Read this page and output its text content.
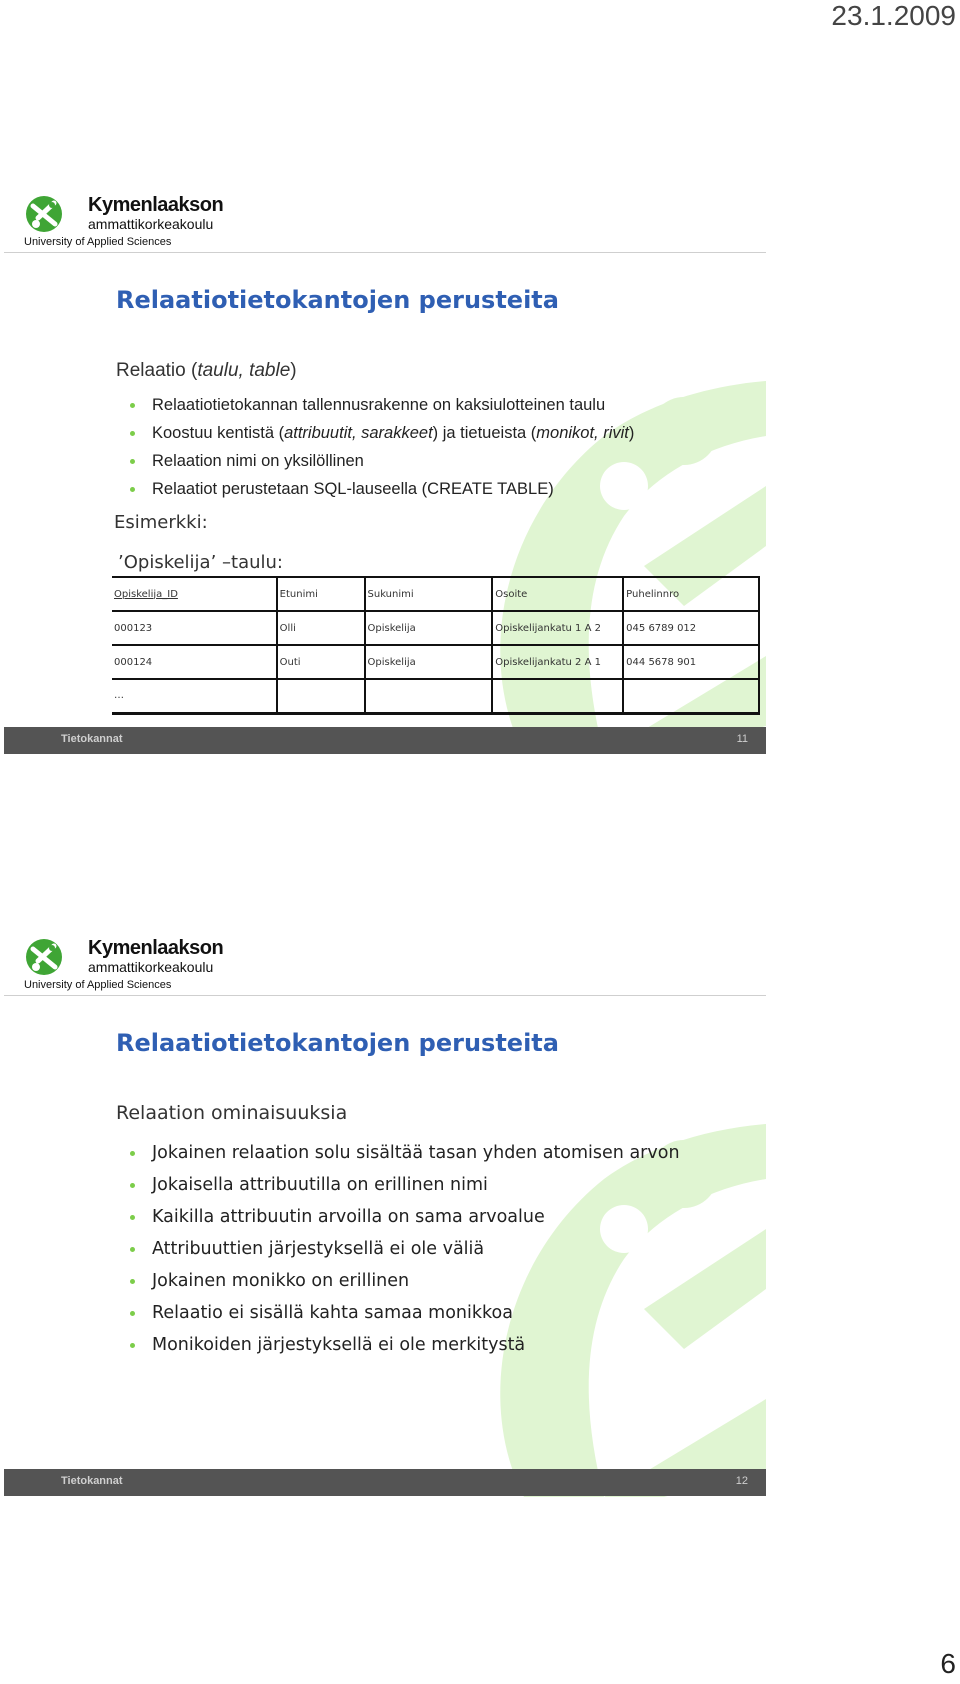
23.1.2009
Kymenlaakson
ammattikorkeakoulu
University of Applied Sciences
Relaatiotietokantojen perusteita
Relaatio (taulu, table)
Relaatiotietokannan tallennusrakenne on kaksiulotteinen taulu
Koostuu kentistä (attribuutit, sarakkeet) ja tietueista (monikot, rivit)
Relaation nimi on yksilöllinen
Relaatiot perustetaan SQL-lauseella (CREATE TABLE)
Esimerkki:
’Opiskelija’ –taulu:
Opiskelija_ID	Etunimi	Sukunimi	Osoite	Puhelinnro
000123	Olli	Opiskelija	Opiskelijankatu 1 A 2	045 6789 012
000124	Outi	Opiskelija	Opiskelijankatu 2 A 1	044 5678 901
…				
Tietokannat	11
Kymenlaakson
ammattikorkeakoulu
University of Applied Sciences
Relaatiotietokantojen perusteita
Relaation ominaisuuksia
Jokainen relaation solu sisältää tasan yhden atomisen arvon
Jokaisella attribuutilla on erillinen nimi
Kaikilla attribuutin arvoilla on sama arvoalue
Attribuuttien järjestyksellä ei ole väliä
Jokainen monikko on erillinen
Relaatio ei sisällä kahta samaa monikkoa
Monikoiden järjestyksellä ei ole merkitystä
Tietokannat	12
6
